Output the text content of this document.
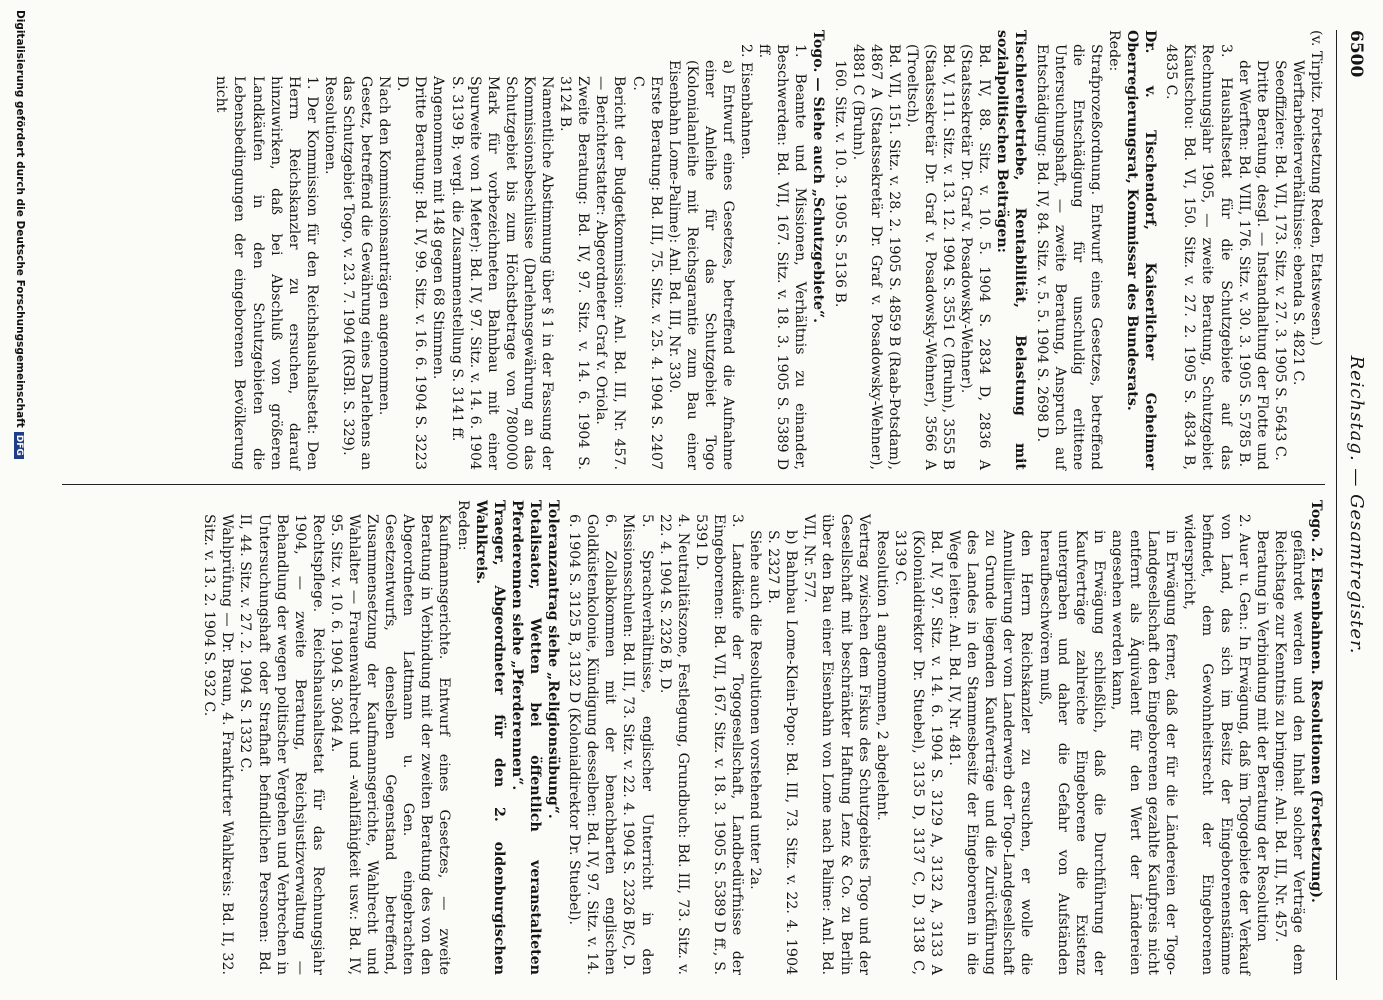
6500
Reichstag. — Gesamtregister.

(v. Tirpitz. Fortsetzung Reden, Etatswesen.)

Werftarbeiterverhältnisse: ebenda S. 4821 C.

Seeoffiziere: Bd. VII, 173. Sitz. v. 27. 3. 1905 S. 5643 C.

Dritte Beratung, desgl. — Instandhaltung der Flotte und der Werften: Bd. VIII, 176. Sitz. v. 30. 3. 1905 S. 5785 B.

3. Haushaltsetat für die Schutzgebiete auf das Rechnungsjahr 1905, — zweite Beratung, Schutzgebiet Kiautschou: Bd. VI, 150. Sitz. v. 27. 2. 1905 S. 4834 B, 4835 C.

Dr. v. Tischendorf, Kaiserlicher Geheimer Oberregierungsrat, Kommissar des Bundesrats.

Rede:

Strafprozeßordnung. Entwurf eines Gesetzes, betreffend die Entschädigung für unschuldig erlittene Untersuchungshaft, — zweite Beratung, Anspruch auf Entschädigung: Bd. IV, 84. Sitz. v. 5. 5. 1904 S. 2698 D.

Tischlereibetriebe, Rentabilität, Belastung mit sozialpolitischen Beiträgen:

Bd. IV, 88. Sitz. v. 10. 5. 1904 S. 2834 D, 2836 A (Staatssekretär Dr. Graf v. Posadowsky-Wehner).

Bd. V, 111. Sitz. v. 13. 12. 1904 S. 3551 C (Bruhn), 3555 B (Staatssekretär Dr. Graf v. Posadowsky-Wehner), 3566 A (Troeltsch).

Bd. VII, 151. Sitz. v. 28. 2. 1905 S. 4859 B (Raab-Potsdam), 4867 A (Staatssekretär Dr. Graf v. Posadowsky-Wehner), 4881 C (Bruhn).

160. Sitz. v. 10. 3. 1905 S. 5136 B.

Togo. — Siehe auch „Schutzgebiete“.

1. Beamte und Missionen, Verhältnis zu einander, Beschwerden: Bd. VII, 167. Sitz. v. 18. 3. 1905 S. 5389 D ff.

2. Eisenbahnen.

a) Entwurf eines Gesetzes, betreffend die Aufnahme einer Anleihe für das Schutzgebiet Togo (Kolonialanleihe mit Reichsgarantie zum Bau einer Eisenbahn Lome-Palime): Anl. Bd. III, Nr. 330.

Erste Beratung: Bd. III, 75. Sitz. v. 25. 4. 1904 S. 2407 C.

Bericht der Budgetkommission: Anl. Bd. III, Nr. 457. — Berichterstatter: Abgeordneter Graf v. Oriola.

Zweite Beratung: Bd. IV, 97. Sitz. v. 14. 6. 1904 S. 3124 B.

Namentliche Abstimmung über § 1 in der Fassung der Kommissionsbeschlüsse (Darlehnsgewährung an das Schutzgebiet bis zum Höchstbetrage von 7800000 Mark für vorbezeichneten Bahnbau mit einer Spurweite von 1 Meter): Bd. IV, 97. Sitz. v. 14. 6. 1904 S. 3139 B; vergl. die Zusammenstellung S. 3141 ff.

Angenommen mit 148 gegen 68 Stimmen.

Dritte Beratung: Bd. IV, 99. Sitz. v. 16. 6. 1904 S. 3223 D.

Nach den Kommissionsanträgen angenommen.

Gesetz, betreffend die Gewährung eines Darlehens an das Schutzgebiet Togo, v. 23. 7. 1904 (RGBl. S. 329).

Resolutionen.

1. Der Kommission für den Reichshaushaltsetat: Den Herrn Reichskanzler zu ersuchen, darauf hinzuwirken, daß bei Abschluß von größeren Landkäufen in den Schutzgebieten die Lebensbedingungen der eingeborenen Bevölkerung nicht

Togo. 2. Eisenbahnen. Resolutionen (Fortsetzung).

gefährdet werden und den Inhalt solcher Verträge dem Reichstage zur Kenntnis zu bringen: Anl. Bd. III, Nr. 457.

Beratung in Verbindung mit der Beratung der Resolution

2. Auer u. Gen.: In Erwägung, daß im Togogebiete der Verkauf von Land, das sich im Besitz der Eingeborenenstämme befindet, dem Gewohnheitsrecht der Eingeborenen widerspricht,

in Erwägung ferner, daß der für die Ländereien der Togo-Landgesellschaft den Eingeborenen gezahlte Kaufpreis nicht entfernt als Äquivalent für den Wert der Ländereien angesehen werden kann,

in Erwägung schließlich, daß die Durchführung der Kaufverträge zahlreiche Eingeborene die Existenz untergraben und daher die Gefahr von Aufständen heraufbeschwören muß,

den Herrn Reichskanzler zu ersuchen, er wolle die Annullierung der vom Landerwerb der Togo-Landgesellschaft zu Grunde liegenden Kaufverträge und die Zurückführung des Landes in den Stammesbesitz der Eingeborenen in die Wege leiten: Anl. Bd. IV, Nr. 481.

Bd. IV, 97. Sitz. v. 14. 6. 1904 S. 3129 A, 3132 A, 3133 A (Kolonialdirektor Dr. Stuebel), 3135 D, 3137 C, D, 3138 C, 3139 C.

Resolution 1 angenommen, 2 abgelehnt.

Vertrag zwischen dem Fiskus des Schutzgebiets Togo und der Gesellschaft mit beschränkter Haftung Lenz & Co. zu Berlin über den Bau einer Eisenbahn von Lome nach Palime: Anl. Bd. VII, Nr. 577.

b) Bahnbau Lome-Klein-Popo: Bd. III, 73. Sitz. v. 22. 4. 1904 S. 2327 B.

Siehe auch die Resolutionen vorstehend unter 2a.

3. Landkäufe der Togogesellschaft, Landbedürfnisse der Eingeborenen: Bd. VII, 167. Sitz. v. 18. 3. 1905 S. 5389 D ff., S. 5391 D.

4. Neutralitätszone, Festlegung, Grundbuch: Bd. III, 73. Sitz. v. 22. 4. 1904 S. 2326 B, D.

5. Sprachverhältnisse, englischer Unterricht in den Missionsschulen: Bd. III, 73. Sitz. v. 22. 4. 1904 S. 2326 B/C, D.

6. Zollabkommen mit der benachbarten englischen Goldküstenkolonie, Kündigung desselben: Bd. IV, 97. Sitz. v. 14. 6. 1904 S. 3125 B, 3132 D (Kolonialdirektor Dr. Stuebel).

Toleranzantrag siehe „Religionsübung“.

Totalisator, Wetten bei öffentlich veranstalteten Pferderennen siehe „Pferderennen“.

Traeger, Abgeordneter für den 2. oldenburgischen Wahlkreis.

Reden:

Kaufmannsgerichte. Entwurf eines Gesetzes, — zweite Beratung in Verbindung mit der zweiten Beratung des von den Abgeordneten Lattmann u. Gen. eingebrachten Gesetzentwurfs, denselben Gegenstand betreffend, Zusammensetzung der Kaufmannsgerichte, Wahlrecht und Wahlalter — Frauenwahlrecht und -wahlfähigkeit usw.: Bd. IV, 95. Sitz. v. 10. 6. 1904 S. 3064 A.

Rechtspflege. Reichshaushaltsetat für das Rechnungsjahr 1904, — zweite Beratung, Reichsjustizverwaltung — Behandlung der wegen politischer Vergehen und Verbrechen in Untersuchungshaft oder Strafhaft befindlichen Personen: Bd. II, 44. Sitz. v. 27. 2. 1904 S. 1332 C.

Wahlprüfung — Dr. Braun, 4. Frankfurter Wahlkreis: Bd. II, 32. Sitz. v. 13. 2. 1904 S. 932 C.

Digitalisierung gefördert durch die Deutsche ForschungsgemeinschaftDFG
